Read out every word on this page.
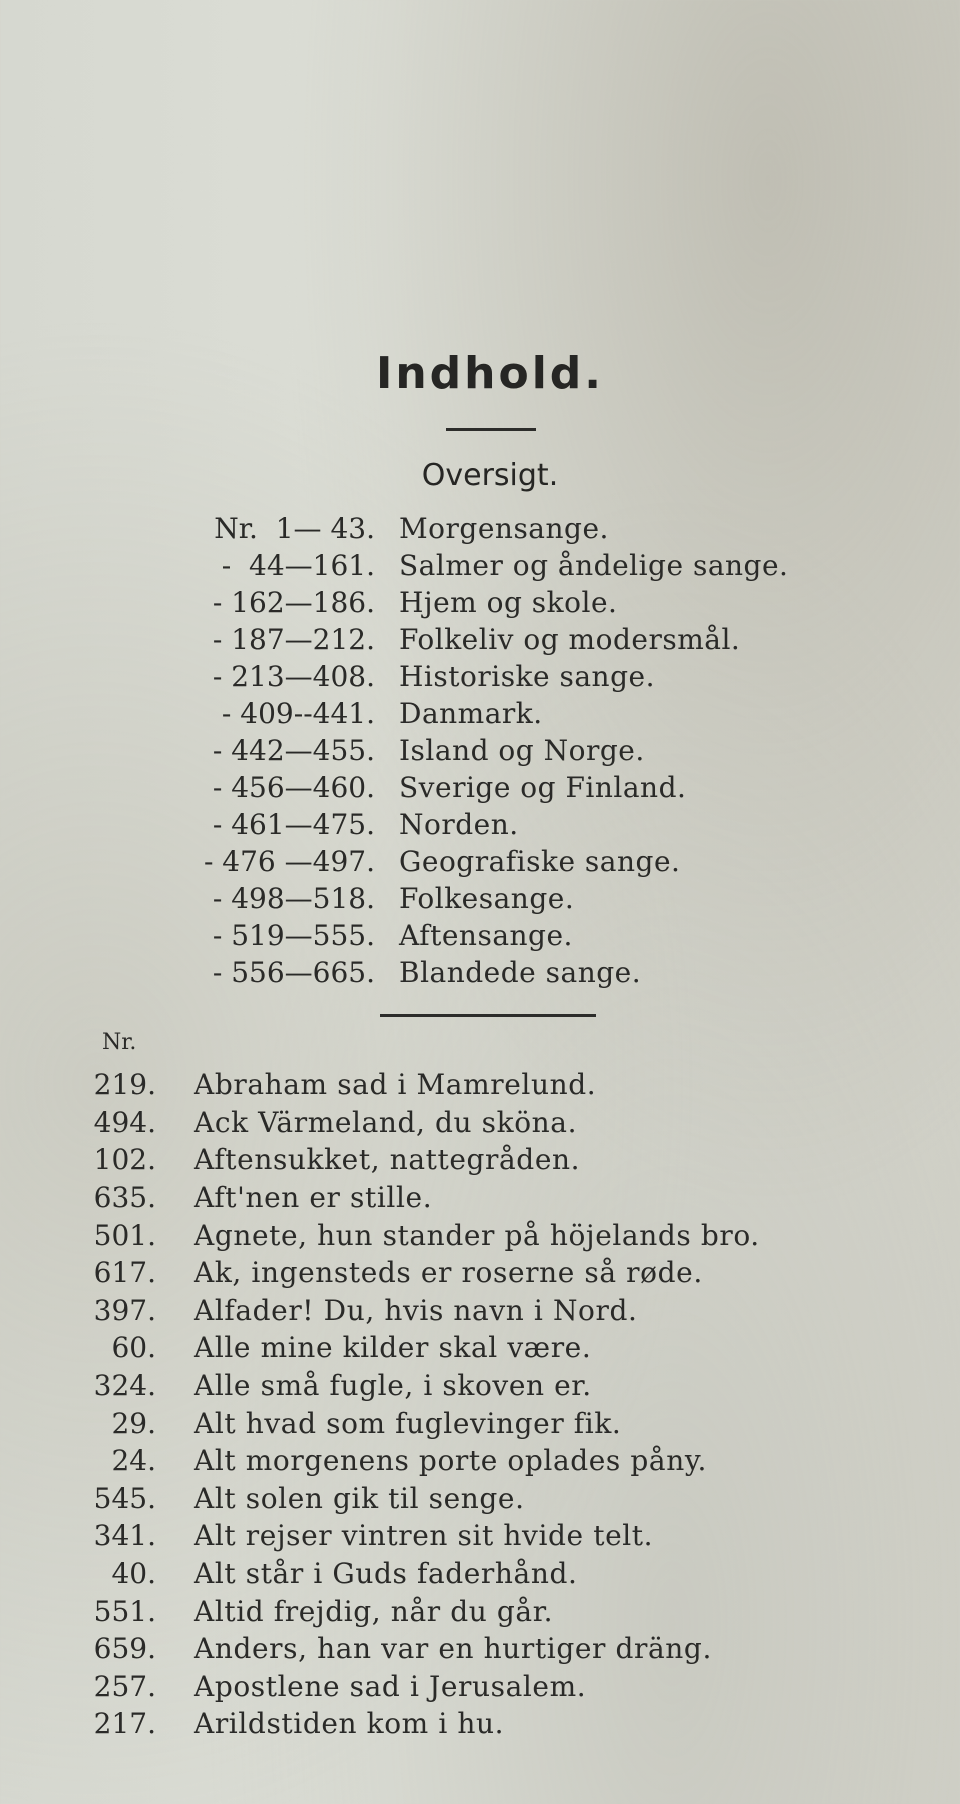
Indhold.
Oversigt.
Nr.  1— 43. Morgensange.
-  44—161. Salmer og åndelige sange.
- 162—186. Hjem og skole.
- 187—212. Folkeliv og modersmål.
- 213—408. Historiske sange.
- 409--441. Danmark.
- 442—455. Island og Norge.
- 456—460. Sverige og Finland.
- 461—475. Norden.
- 476 —497. Geografiske sange.
- 498—518. Folkesange.
- 519—555. Aftensange.
- 556—665. Blandede sange.
Nr.
219. Abraham sad i Mamrelund.
494. Ack Värmeland, du sköna.
102. Aftensukket, nattegråden.
635. Aft'nen er stille.
501. Agnete, hun stander på höjelands bro.
617. Ak, ingensteds er roserne så røde.
397. Alfader! Du, hvis navn i Nord.
60. Alle mine kilder skal være.
324. Alle små fugle, i skoven er.
29. Alt hvad som fuglevinger fik.
24. Alt morgenens porte oplades påny.
545. Alt solen gik til senge.
341. Alt rejser vintren sit hvide telt.
40. Alt står i Guds faderhånd.
551. Altid frejdig, når du går.
659. Anders, han var en hurtiger dräng.
257. Apostlene sad i Jerusalem.
217. Arildstiden kom i hu.
